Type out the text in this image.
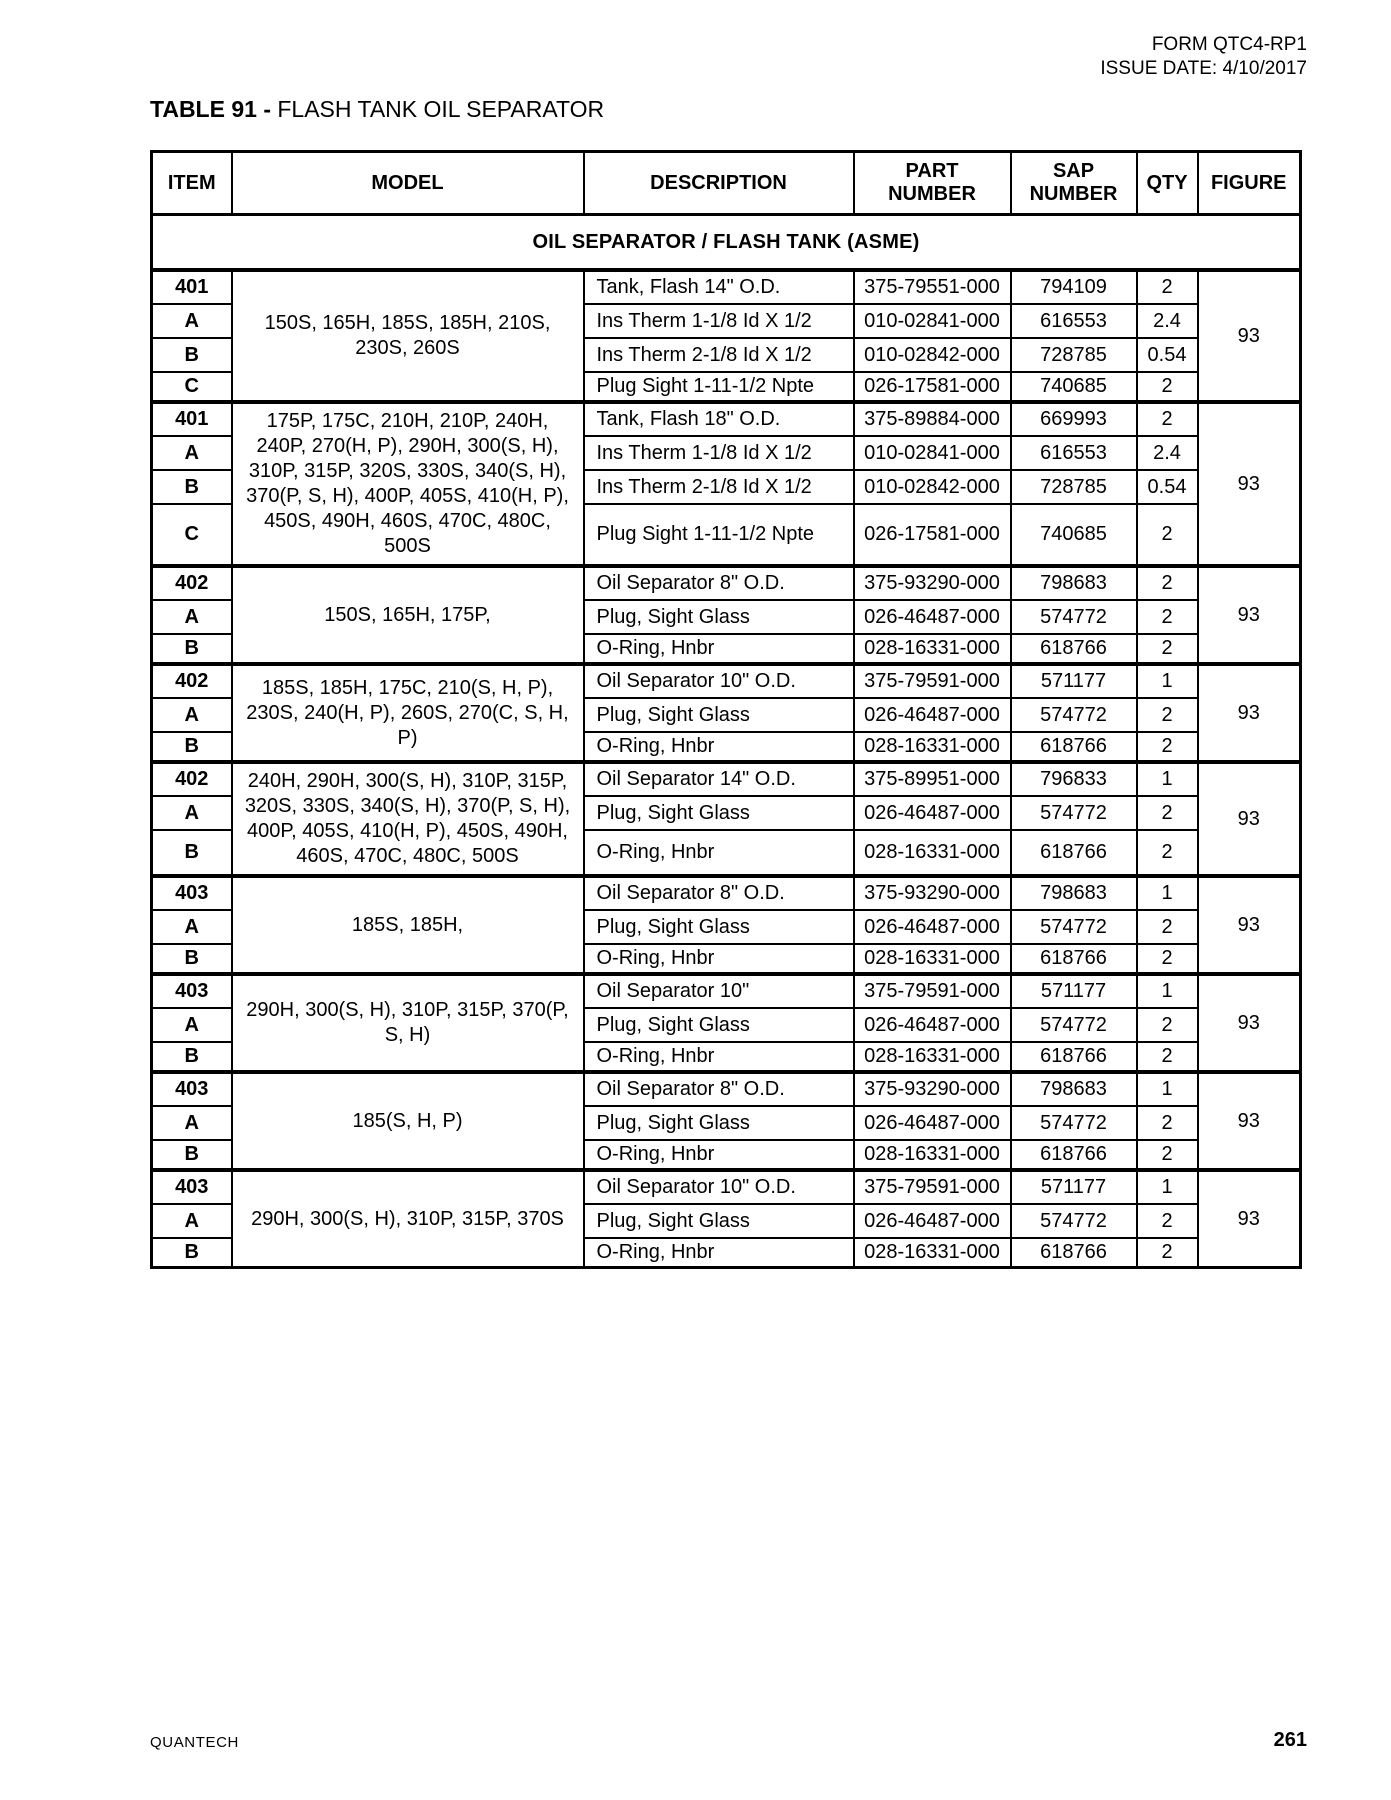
FORM QTC4-RP1
ISSUE DATE: 4/10/2017
TABLE 91 - FLASH TANK OIL SEPARATOR
ITEM	MODEL	DESCRIPTION	PART NUMBER	SAP NUMBER	QTY	FIGURE
OIL SEPARATOR / FLASH TANK (ASME)						
401	150S, 165H, 185S, 185H, 210S, 230S, 260S	Tank, Flash 14" O.D.	375-79551-000	794109	2	93
A		Ins Therm 1-1/8 Id X 1/2	010-02841-000	616553	2.4	
B		Ins Therm 2-1/8 Id X 1/2	010-02842-000	728785	0.54	
C		Plug Sight 1-11-1/2 Npte	026-17581-000	740685	2	
401	175P, 175C, 210H, 210P, 240H, 240P, 270(H, P), 290H, 300(S, H), 310P, 315P, 320S, 330S, 340(S, H), 370(P, S, H), 400P, 405S, 410(H, P), 450S, 490H, 460S, 470C, 480C, 500S	Tank, Flash 18" O.D.	375-89884-000	669993	2	93
A		Ins Therm 1-1/8 Id X 1/2	010-02841-000	616553	2.4	
B		Ins Therm 2-1/8 Id X 1/2	010-02842-000	728785	0.54	
C		Plug Sight 1-11-1/2 Npte	026-17581-000	740685	2	
402	150S, 165H, 175P,	Oil Separator 8" O.D.	375-93290-000	798683	2	93
A		Plug, Sight Glass	026-46487-000	574772	2	
B		O-Ring, Hnbr	028-16331-000	618766	2	
402	185S, 185H, 175C, 210(S, H, P), 230S, 240(H, P), 260S, 270(C, S, H, P)	Oil Separator 10" O.D.	375-79591-000	571177	1	93
A		Plug, Sight Glass	026-46487-000	574772	2	
B		O-Ring, Hnbr	028-16331-000	618766	2	
402	240H, 290H, 300(S, H), 310P, 315P, 320S, 330S, 340(S, H), 370(P, S, H), 400P, 405S, 410(H, P), 450S, 490H, 460S, 470C, 480C, 500S	Oil Separator 14" O.D.	375-89951-000	796833	1	93
A		Plug, Sight Glass	026-46487-000	574772	2	
B		O-Ring, Hnbr	028-16331-000	618766	2	
403	185S, 185H,	Oil Separator 8" O.D.	375-93290-000	798683	1	93
A		Plug, Sight Glass	026-46487-000	574772	2	
B		O-Ring, Hnbr	028-16331-000	618766	2	
403	290H, 300(S, H), 310P, 315P, 370(P, S, H)	Oil Separator 10"	375-79591-000	571177	1	93
A		Plug, Sight Glass	026-46487-000	574772	2	
B		O-Ring, Hnbr	028-16331-000	618766	2	
403	185(S, H, P)	Oil Separator 8" O.D.	375-93290-000	798683	1	93
A		Plug, Sight Glass	026-46487-000	574772	2	
B		O-Ring, Hnbr	028-16331-000	618766	2	
403	290H, 300(S, H), 310P, 315P, 370S	Oil Separator 10" O.D.	375-79591-000	571177	1	93
A		Plug, Sight Glass	026-46487-000	574772	2	
B		O-Ring, Hnbr	028-16331-000	618766	2	
QUANTECH	261
